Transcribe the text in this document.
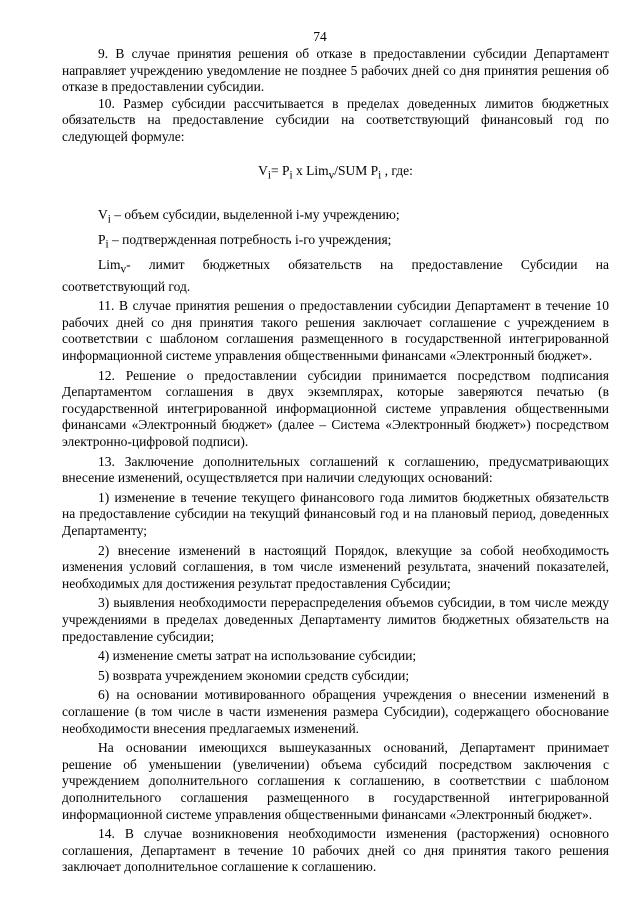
74

9. В случае принятия решения об отказе в предоставлении субсидии Департамент направляет учреждению уведомление не позднее 5 рабочих дней со дня принятия решения об отказе в предоставлении субсидии.

10. Размер субсидии рассчитывается в пределах доведенных лимитов бюджетных обязательств на предоставление субсидии на соответствующий финансовый год по следующей формуле:

$V_i= P_i$ x Lim$_v$/SUM $P_i$ , где:

$V_i$ – объем субсидии, выделенной i-му учреждению;

$P_i$ – подтвержденная потребность i-го учреждения;

Lim$_v$- лимит бюджетных обязательств на предоставление Субсидии на соответствующий год.

11. В случае принятия решения о предоставлении субсидии Департамент в течение 10 рабочих дней со дня принятия такого решения заключает соглашение с учреждением в соответствии с шаблоном соглашения размещенного в государственной интегрированной информационной системе управления общественными финансами «Электронный бюджет».

12. Решение о предоставлении субсидии принимается посредством подписания Департаментом соглашения в двух экземплярах, которые заверяются печатью (в государственной интегрированной информационной системе управления общественными финансами «Электронный бюджет» (далее – Система «Электронный бюджет») посредством электронно-цифровой подписи).

13. Заключение дополнительных соглашений к соглашению, предусматривающих внесение изменений, осуществляется при наличии следующих оснований:

1) изменение в течение текущего финансового года лимитов бюджетных обязательств на предоставление субсидии на текущий финансовый год и на плановый период, доведенных Департаменту;

2) внесение изменений в настоящий Порядок, влекущие за собой необходимость изменения условий соглашения, в том числе изменений результата, значений показателей, необходимых для достижения результат предоставления Субсидии;

3) выявления необходимости перераспределения объемов субсидии, в том числе между учреждениями в пределах доведенных Департаменту лимитов бюджетных обязательств на предоставление субсидии;

4) изменение сметы затрат на использование субсидии;

5) возврата учреждением экономии средств субсидии;

6) на основании мотивированного обращения учреждения о внесении изменений в соглашение (в том числе в части изменения размера Субсидии), содержащего обоснование необходимости внесения предлагаемых изменений.

На основании имеющихся вышеуказанных оснований, Департамент принимает решение об уменьшении (увеличении) объема субсидий посредством заключения с учреждением дополнительного соглашения к соглашению, в соответствии с шаблоном дополнительного соглашения размещенного в государственной интегрированной информационной системе управления общественными финансами «Электронный бюджет».

14. В случае возникновения необходимости изменения (расторжения) основного соглашения, Департамент в течение 10 рабочих дней со дня принятия такого решения заключает дополнительное соглашение к соглашению.
